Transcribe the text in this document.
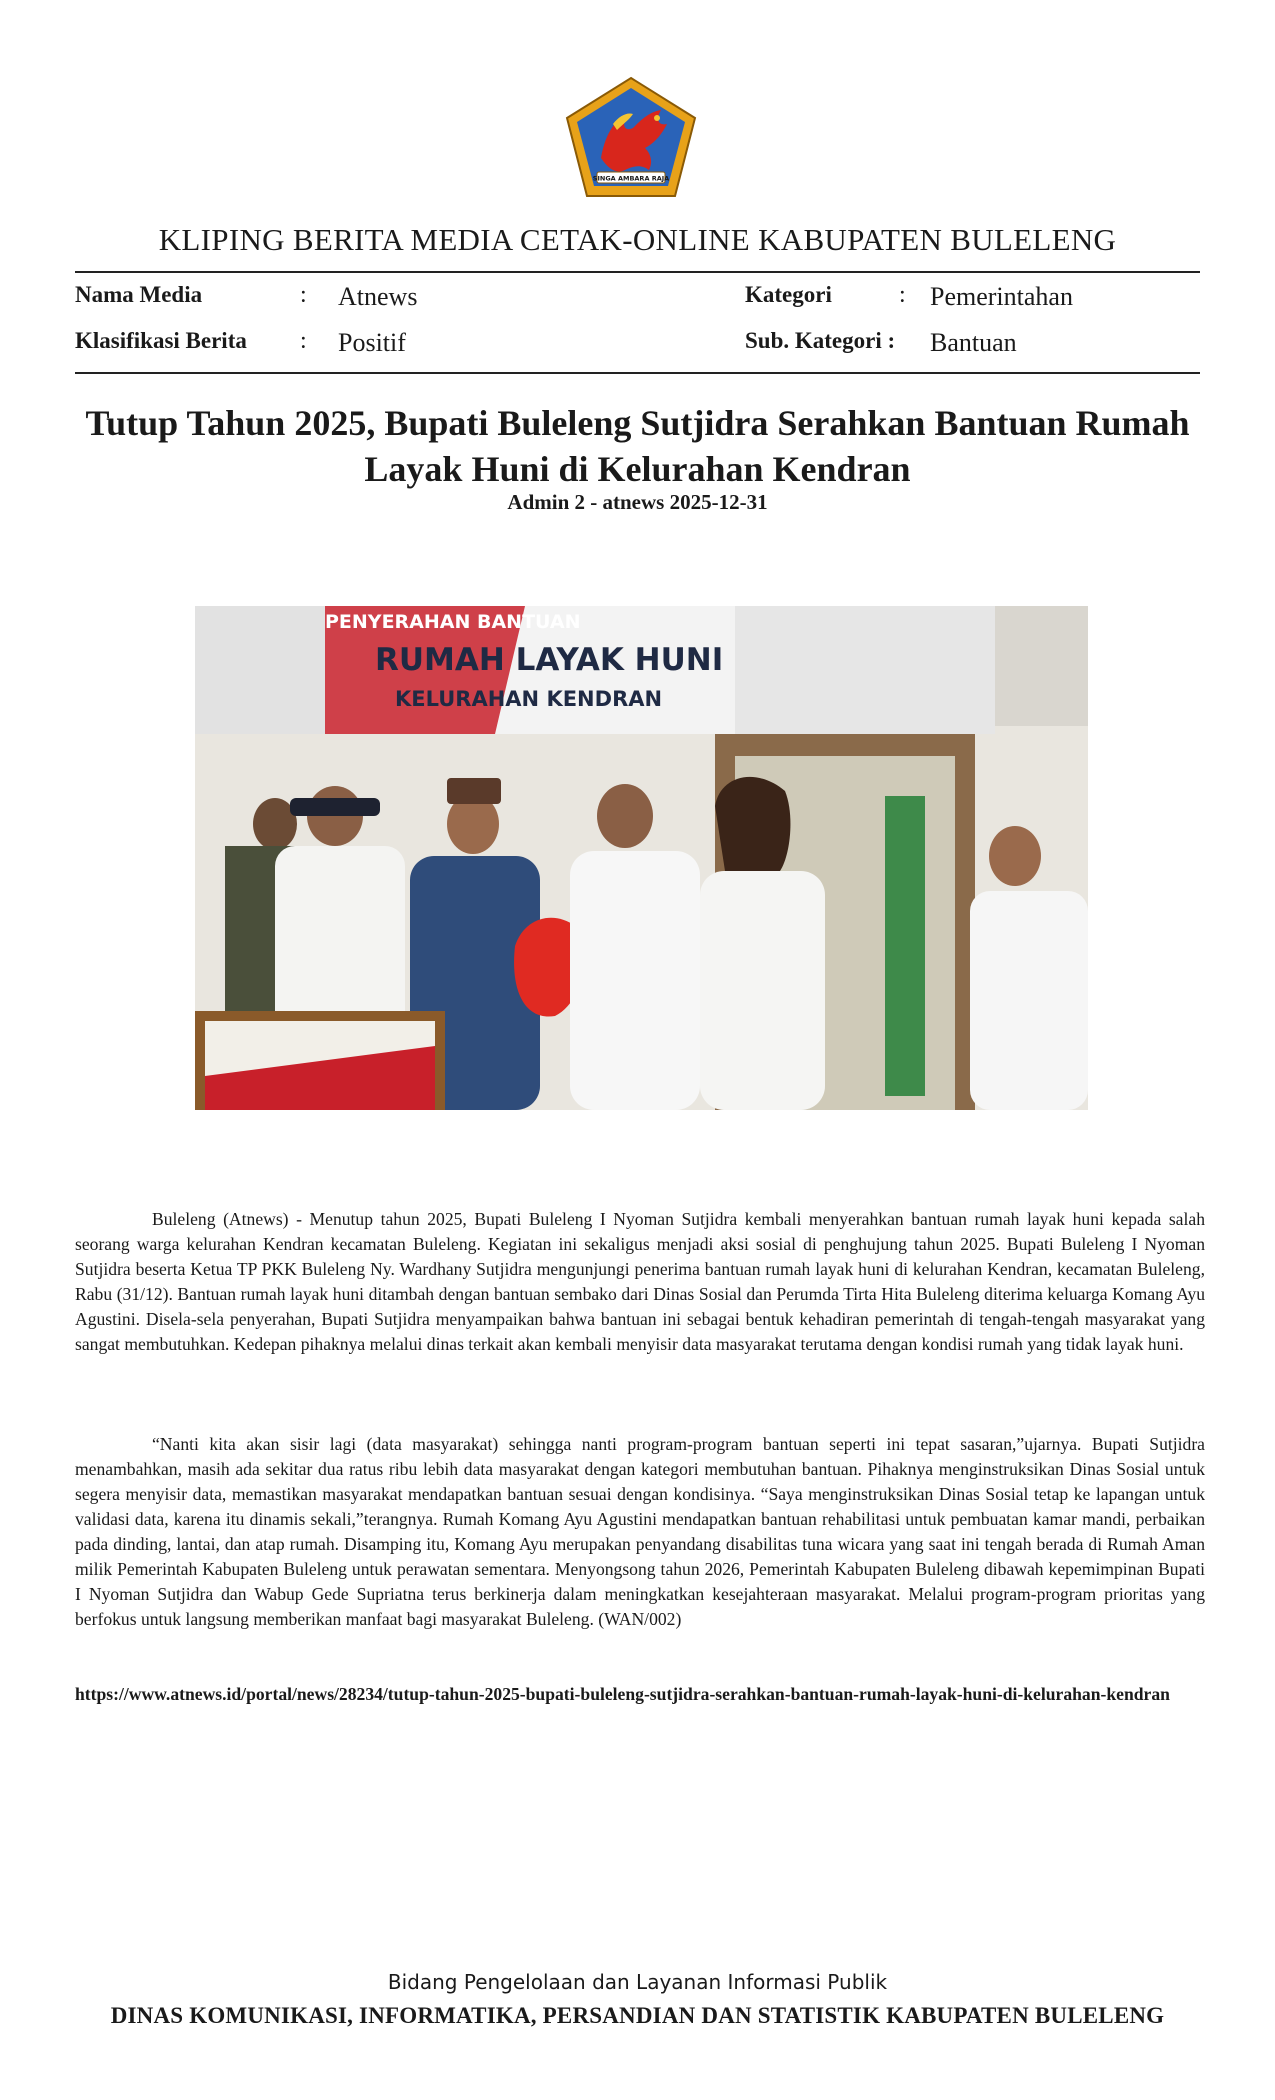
SINGA AMBARA RAJA
KLIPING BERITA MEDIA CETAK-ONLINE KABUPATEN BULELENG
Nama Media	: Atnews	Kategori	: Pemerintahan
Klasifikasi Berita : Positif	Sub. Kategori : Bantuan
Tutup Tahun 2025, Bupati Buleleng Sutjidra Serahkan Bantuan Rumah Layak Huni di Kelurahan Kendran
Admin 2 - atnews 2025-12-31
PENYERAHAN BANTUAN
RUMAH LAYAK HUNI
KELURAHAN KENDRAN

Buleleng (Atnews) - Menutup tahun 2025, Bupati Buleleng I Nyoman Sutjidra kembali menyerahkan bantuan rumah layak huni kepada salah seorang warga kelurahan Kendran kecamatan Buleleng. Kegiatan ini sekaligus menjadi aksi sosial di penghujung tahun 2025. Bupati Buleleng I Nyoman Sutjidra beserta Ketua TP PKK Buleleng Ny. Wardhany Sutjidra mengunjungi penerima bantuan rumah layak huni di kelurahan Kendran, kecamatan Buleleng, Rabu (31/12). Bantuan rumah layak huni ditambah dengan bantuan sembako dari Dinas Sosial dan Perumda Tirta Hita Buleleng diterima keluarga Komang Ayu Agustini. Disela-sela penyerahan, Bupati Sutjidra menyampaikan bahwa bantuan ini sebagai bentuk kehadiran pemerintah di tengah-tengah masyarakat yang sangat membutuhkan. Kedepan pihaknya melalui dinas terkait akan kembali menyisir data masyarakat terutama dengan kondisi rumah yang tidak layak huni.

“Nanti kita akan sisir lagi (data masyarakat) sehingga nanti program-program bantuan seperti ini tepat sasaran,”ujarnya. Bupati Sutjidra menambahkan, masih ada sekitar dua ratus ribu lebih data masyarakat dengan kategori membutuhan bantuan. Pihaknya menginstruksikan Dinas Sosial untuk segera menyisir data, memastikan masyarakat mendapatkan bantuan sesuai dengan kondisinya. “Saya menginstruksikan Dinas Sosial tetap ke lapangan untuk validasi data, karena itu dinamis sekali,”terangnya. Rumah Komang Ayu Agustini mendapatkan bantuan rehabilitasi untuk pembuatan kamar mandi, perbaikan pada dinding, lantai, dan atap rumah. Disamping itu, Komang Ayu merupakan penyandang disabilitas tuna wicara yang saat ini tengah berada di Rumah Aman milik Pemerintah Kabupaten Buleleng untuk perawatan sementara. Menyongsong tahun 2026, Pemerintah Kabupaten Buleleng dibawah kepemimpinan Bupati I Nyoman Sutjidra dan Wabup Gede Supriatna terus berkinerja dalam meningkatkan kesejahteraan masyarakat. Melalui program-program prioritas yang berfokus untuk langsung memberikan manfaat bagi masyarakat Buleleng. (WAN/002)

https://www.atnews.id/portal/news/28234/tutup-tahun-2025-bupati-buleleng-sutjidra-serahkan-bantuan-rumah-layak-huni-di-kelurahan-kendran
Bidang Pengelolaan dan Layanan Informasi Publik
DINAS KOMUNIKASI, INFORMATIKA, PERSANDIAN DAN STATISTIK KABUPATEN BULELENG
